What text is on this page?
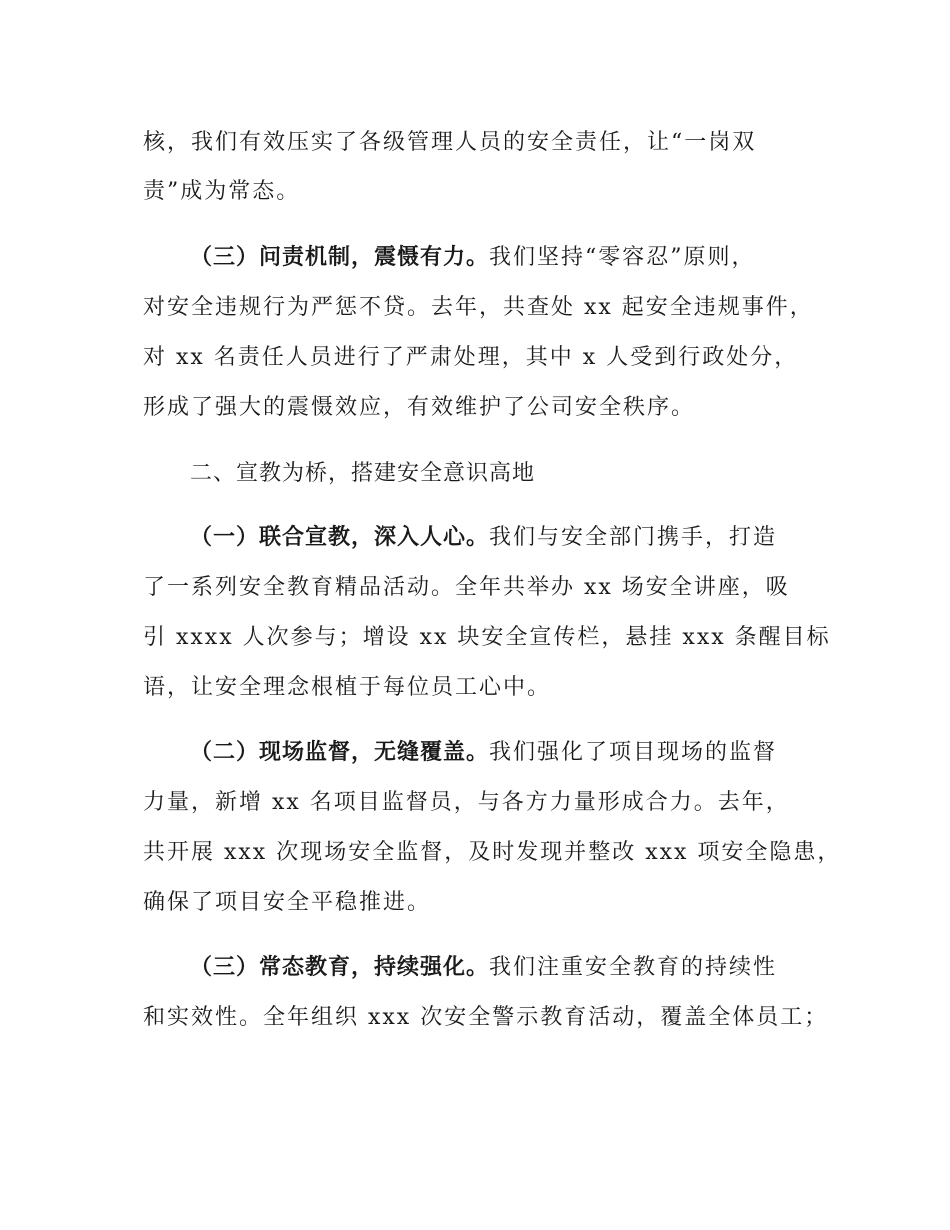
核，我们有效压实了各级管理人员的安全责任，让“一岗双
责”成为常态。
（三）问责机制，震慑有力。我们坚持“零容忍”原则，
对安全违规行为严惩不贷。去年，共查处 xx 起安全违规事件，
对 xx 名责任人员进行了严肃处理，其中 x 人受到行政处分，
形成了强大的震慑效应，有效维护了公司安全秩序。
二、宣教为桥，搭建安全意识高地
（一）联合宣教，深入人心。我们与安全部门携手，打造
了一系列安全教育精品活动。全年共举办 xx 场安全讲座，吸
引 xxxx 人次参与；增设 xx 块安全宣传栏，悬挂 xxx 条醒目标
语，让安全理念根植于每位员工心中。
（二）现场监督，无缝覆盖。我们强化了项目现场的监督
力量，新增 xx 名项目监督员，与各方力量形成合力。去年，
共开展 xxx 次现场安全监督，及时发现并整改 xxx 项安全隐患，
确保了项目安全平稳推进。
（三）常态教育，持续强化。我们注重安全教育的持续性
和实效性。全年组织 xxx 次安全警示教育活动，覆盖全体员工；
